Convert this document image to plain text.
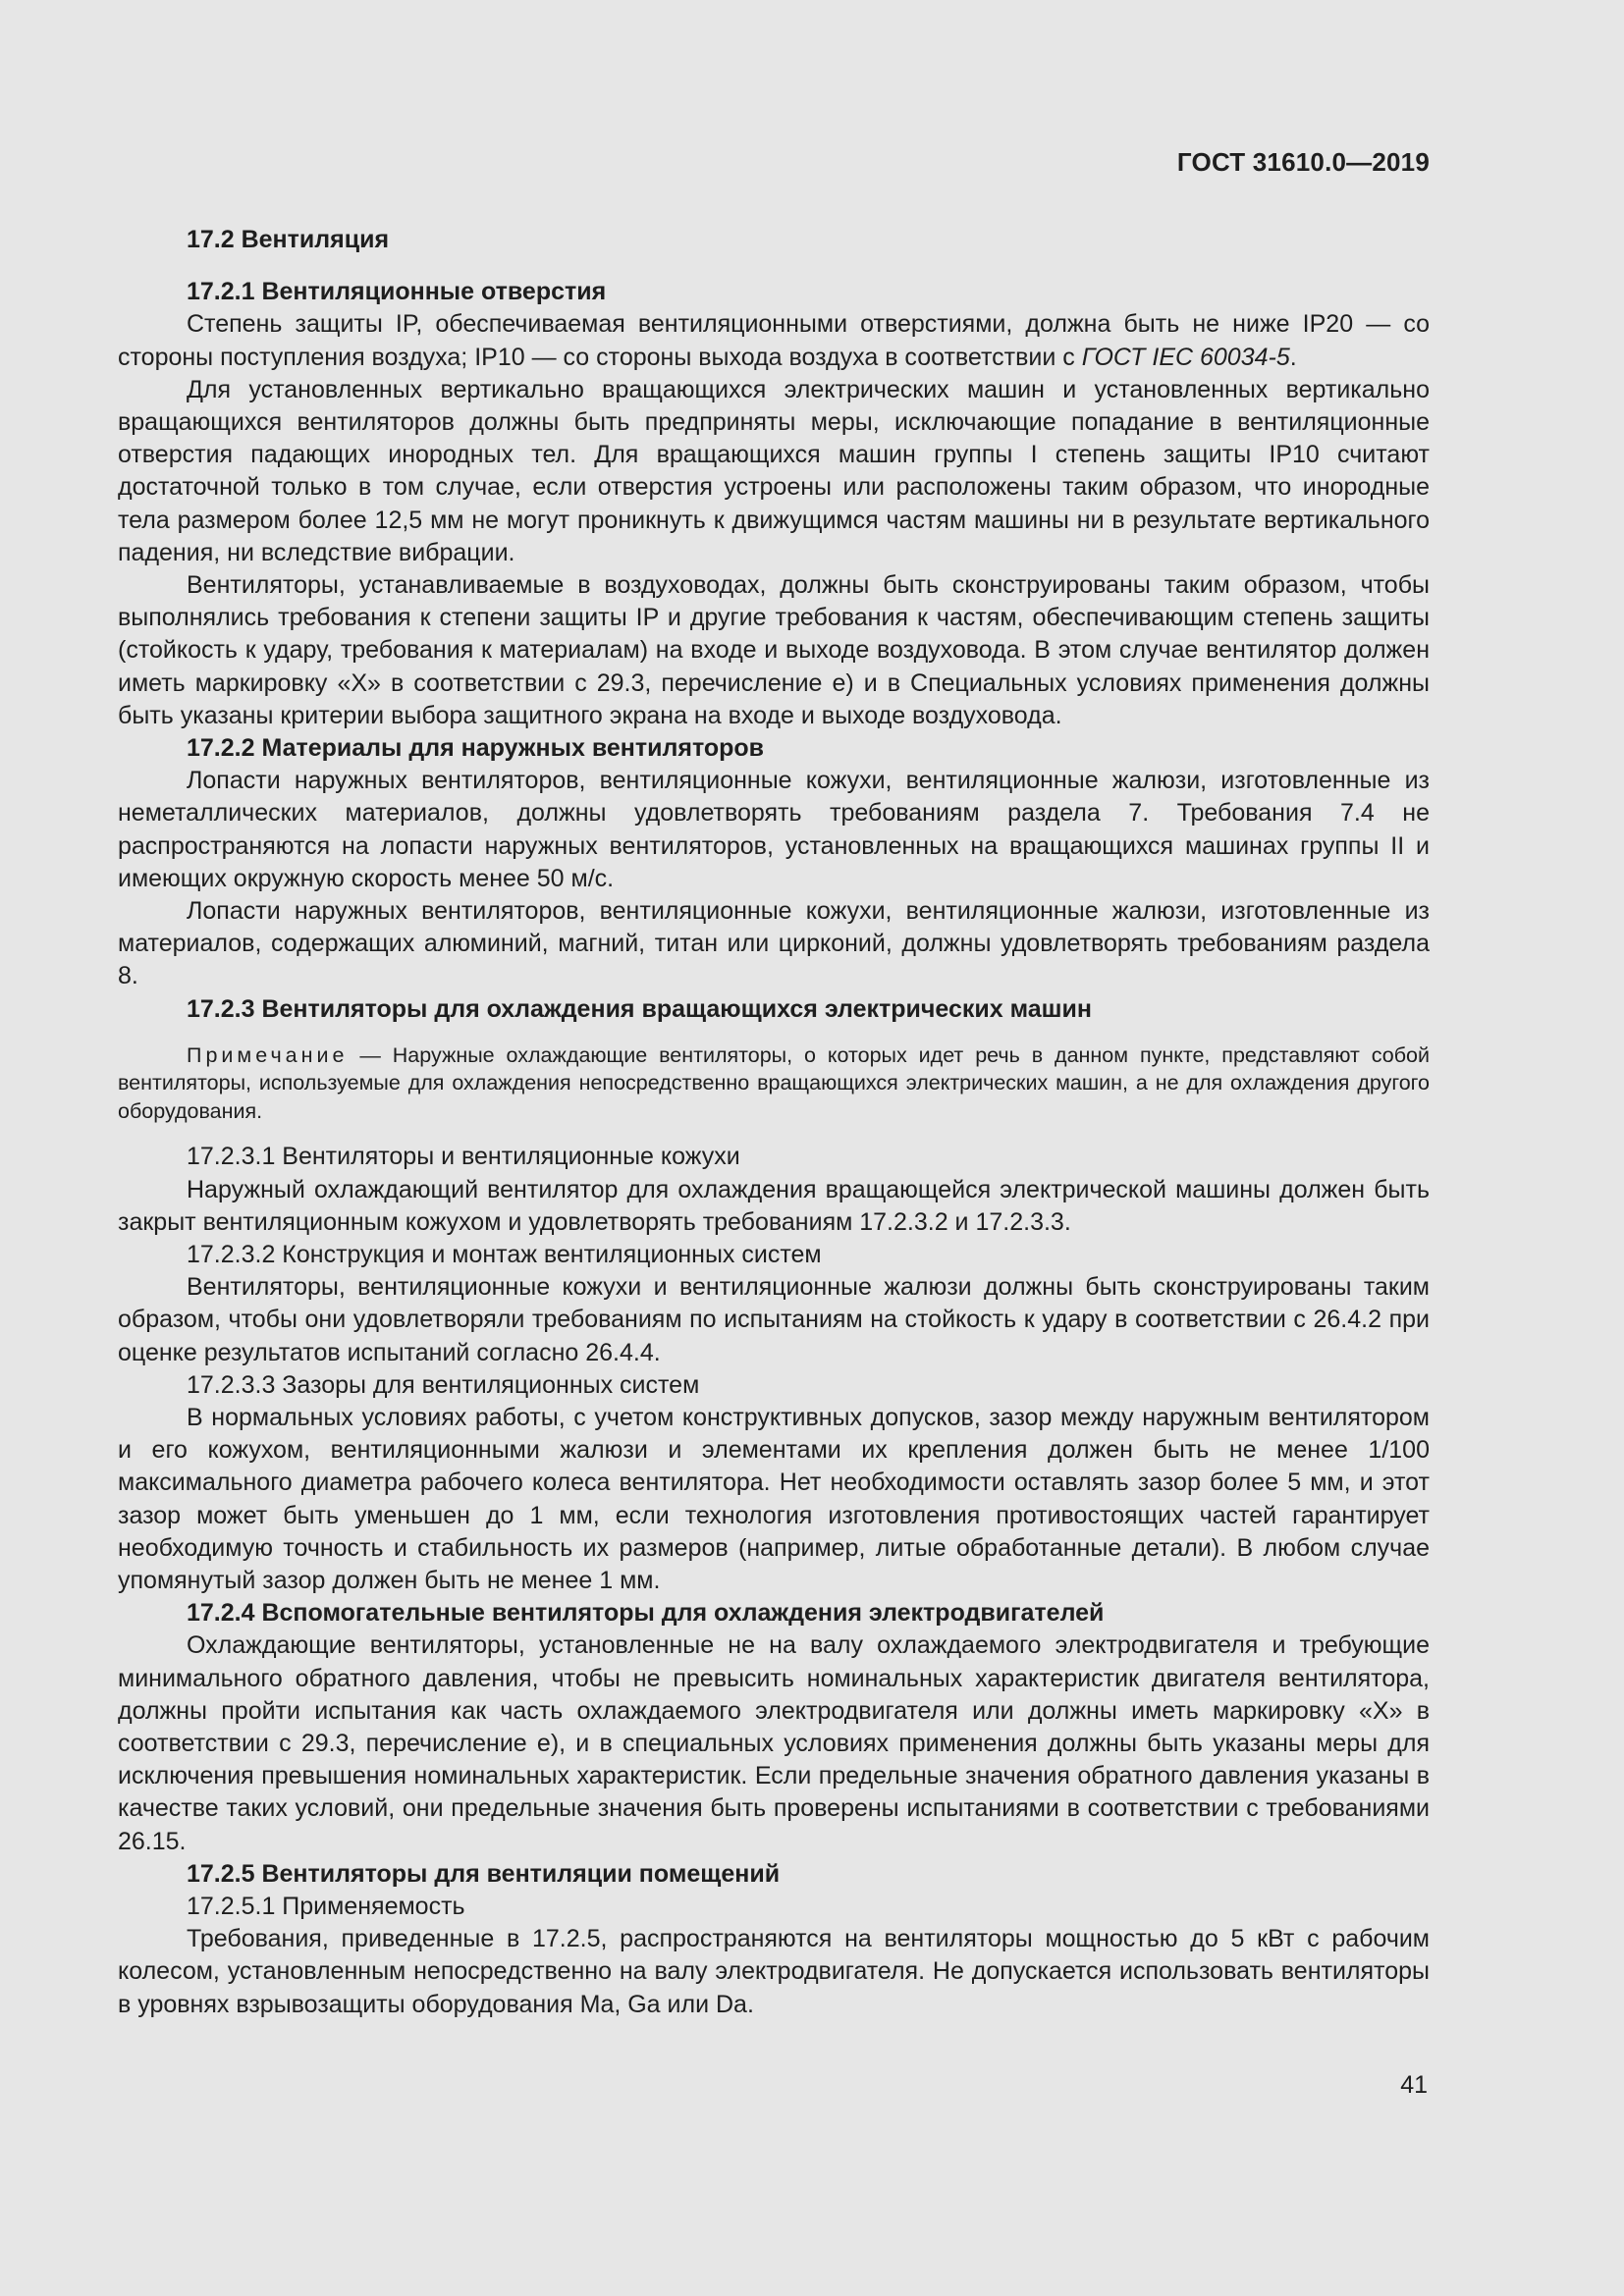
ГОСТ 31610.0—2019

17.2 Вентиляция

17.2.1 Вентиляционные отверстия

Степень защиты IP, обеспечиваемая вентиляционными отверстиями, должна быть не ниже IP20 — со стороны поступления воздуха; IP10 — со стороны выхода воздуха в соответствии с ГОСТ IEC 60034-5.

Для установленных вертикально вращающихся электрических машин и установленных вертикально вращающихся вентиляторов должны быть предприняты меры, исключающие попадание в вентиляционные отверстия падающих инородных тел. Для вращающихся машин группы I степень защиты IP10 считают достаточной только в том случае, если отверстия устроены или расположены таким образом, что инородные тела размером более 12,5 мм не могут проникнуть к движущимся частям машины ни в результате вертикального падения, ни вследствие вибрации.

Вентиляторы, устанавливаемые в воздуховодах, должны быть сконструированы таким образом, чтобы выполнялись требования к степени защиты IP и другие требования к частям, обеспечивающим степень защиты (стойкость к удару, требования к материалам) на входе и выходе воздуховода. В этом случае вентилятор должен иметь маркировку «X» в соответствии с 29.3, перечисление е) и в Специальных условиях применения должны быть указаны критерии выбора защитного экрана на входе и выходе воздуховода.

17.2.2 Материалы для наружных вентиляторов

Лопасти наружных вентиляторов, вентиляционные кожухи, вентиляционные жалюзи, изготовленные из неметаллических материалов, должны удовлетворять требованиям раздела 7. Требования 7.4 не распространяются на лопасти наружных вентиляторов, установленных на вращающихся машинах группы II и имеющих окружную скорость менее 50 м/с.

Лопасти наружных вентиляторов, вентиляционные кожухи, вентиляционные жалюзи, изготовленные из материалов, содержащих алюминий, магний, титан или цирконий, должны удовлетворять требованиям раздела 8.

17.2.3 Вентиляторы для охлаждения вращающихся электрических машин

Примечание — Наружные охлаждающие вентиляторы, о которых идет речь в данном пункте, представляют собой вентиляторы, используемые для охлаждения непосредственно вращающихся электрических машин, а не для охлаждения другого оборудования.

17.2.3.1 Вентиляторы и вентиляционные кожухи

Наружный охлаждающий вентилятор для охлаждения вращающейся электрической машины должен быть закрыт вентиляционным кожухом и удовлетворять требованиям 17.2.3.2 и 17.2.3.3.

17.2.3.2 Конструкция и монтаж вентиляционных систем

Вентиляторы, вентиляционные кожухи и вентиляционные жалюзи должны быть сконструированы таким образом, чтобы они удовлетворяли требованиям по испытаниям на стойкость к удару в соответствии с 26.4.2 при оценке результатов испытаний согласно 26.4.4.

17.2.3.3 Зазоры для вентиляционных систем

В нормальных условиях работы, с учетом конструктивных допусков, зазор между наружным вентилятором и его кожухом, вентиляционными жалюзи и элементами их крепления должен быть не менее 1/100 максимального диаметра рабочего колеса вентилятора. Нет необходимости оставлять зазор более 5 мм, и этот зазор может быть уменьшен до 1 мм, если технология изготовления противостоящих частей гарантирует необходимую точность и стабильность их размеров (например, литые обработанные детали). В любом случае упомянутый зазор должен быть не менее 1 мм.

17.2.4 Вспомогательные вентиляторы для охлаждения электродвигателей

Охлаждающие вентиляторы, установленные не на валу охлаждаемого электродвигателя и требующие минимального обратного давления, чтобы не превысить номинальных характеристик двигателя вентилятора, должны пройти испытания как часть охлаждаемого электродвигателя или должны иметь маркировку «X» в соответствии с 29.3, перечисление е), и в специальных условиях применения должны быть указаны меры для исключения превышения номинальных характеристик. Если предельные значения обратного давления указаны в качестве таких условий, они предельные значения быть проверены испытаниями в соответствии с требованиями 26.15.

17.2.5 Вентиляторы для вентиляции помещений

17.2.5.1 Применяемость

Требования, приведенные в 17.2.5, распространяются на вентиляторы мощностью до 5 кВт с рабочим колесом, установленным непосредственно на валу электродвигателя. Не допускается использовать вентиляторы в уровнях взрывозащиты оборудования Ma, Ga или Da.

41
